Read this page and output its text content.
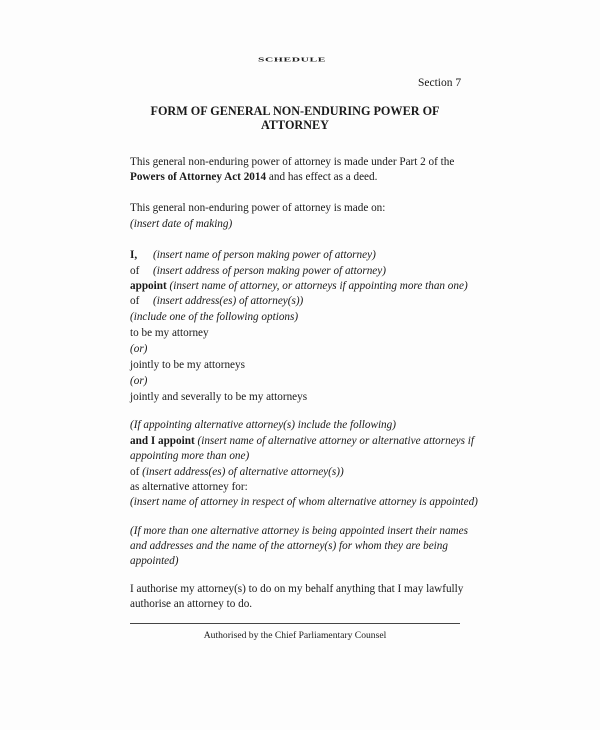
SCHEDULE
Section 7
FORM OF GENERAL NON-ENDURING POWER OF
ATTORNEY
This general non-enduring power of attorney is made under Part 2 of the
Powers of Attorney Act 2014 and has effect as a deed.
This general non-enduring power of attorney is made on:
(insert date of making)
I, (insert name of person making power of attorney)
of (insert address of person making power of attorney)
appoint (insert name of attorney, or attorneys if appointing more than one)
of (insert address(es) of attorney(s))
(include one of the following options)
to be my attorney
(or)
jointly to be my attorneys
(or)
jointly and severally to be my attorneys
(If appointing alternative attorney(s) include the following)
and I appoint (insert name of alternative attorney or alternative attorneys if
appointing more than one)
of (insert address(es) of alternative attorney(s))
as alternative attorney for:
(insert name of attorney in respect of whom alternative attorney is appointed)
(If more than one alternative attorney is being appointed insert their names
and addresses and the name of the attorney(s) for whom they are being
appointed)
I authorise my attorney(s) to do on my behalf anything that I may lawfully
authorise an attorney to do.
Authorised by the Chief Parliamentary Counsel
